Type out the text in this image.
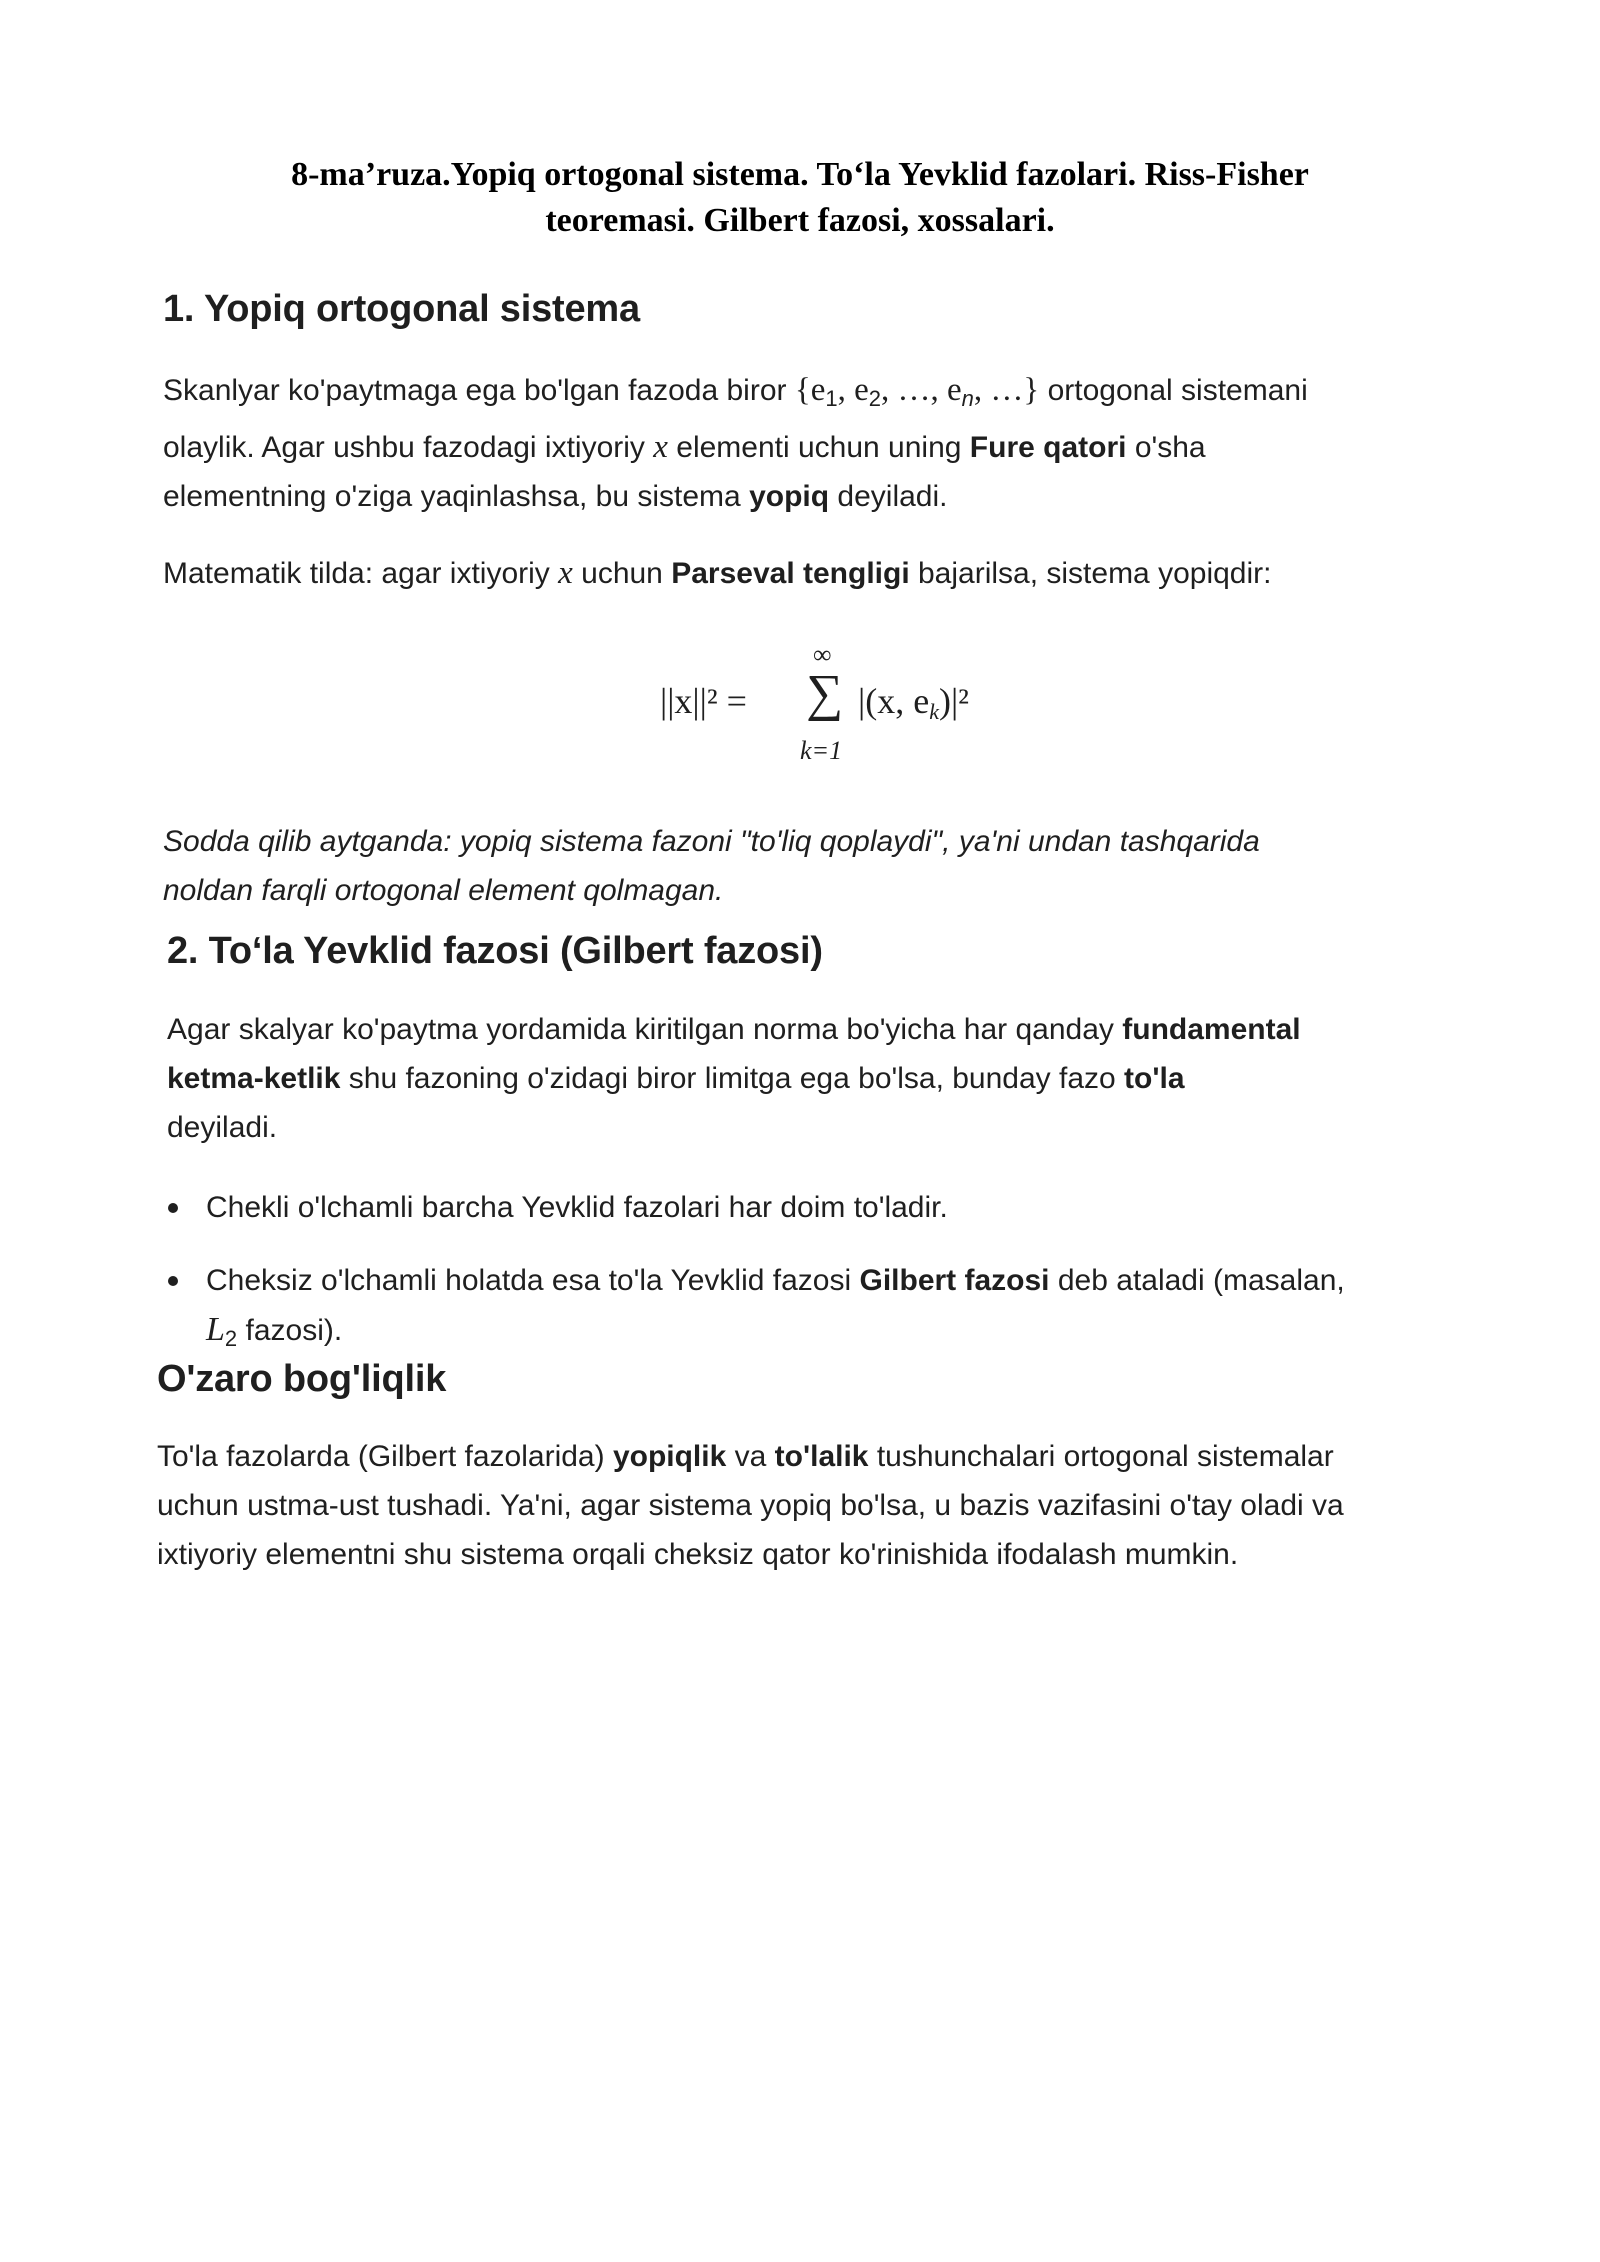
8-ma’ruza.Yopiq ortogonal sistema. To‘la Yevklid fazolari. Riss-Fisher
teoremasi. Gilbert fazosi, xossalari.
1. Yopiq ortogonal sistema
Skanlyar ko'paytmaga ega bo'lgan fazoda biror {$e_1$, $e_2$, …, $e_n$, …} ortogonal sistemani
olaylik. Agar ushbu fazodagi ixtiyoriy x elementi uchun uning Fure qatori o'sha
elementning o'ziga yaqinlashsa, bu sistema yopiq deyiladi.
Matematik tilda: agar ixtiyoriy x uchun Parseval tengligi bajarilsa, sistema yopiqdir:
||x||² =
∞
∑
k=1
|(x, $e_k)|^2$
Sodda qilib aytganda: yopiq sistema fazoni "to'liq qoplaydi", ya'ni undan tashqarida
noldan farqli ortogonal element qolmagan.
2. To‘la Yevklid fazosi (Gilbert fazosi)
Agar skalyar ko'paytma yordamida kiritilgan norma bo'yicha har qanday fundamental
ketma-ketlik shu fazoning o'zidagi biror limitga ega bo'lsa, bunday fazo to'la
deyiladi.
Chekli o'lchamli barcha Yevklid fazolari har doim to'ladir.
Cheksiz o'lchamli holatda esa to'la Yevklid fazosi Gilbert fazosi deb ataladi (masalan,
$L_2$ fazosi).
O'zaro bog'liqlik
To'la fazolarda (Gilbert fazolarida) yopiqlik va to'lalik tushunchalari ortogonal sistemalar
uchun ustma-ust tushadi. Ya'ni, agar sistema yopiq bo'lsa, u bazis vazifasini o'tay oladi va
ixtiyoriy elementni shu sistema orqali cheksiz qator ko'rinishida ifodalash mumkin.
